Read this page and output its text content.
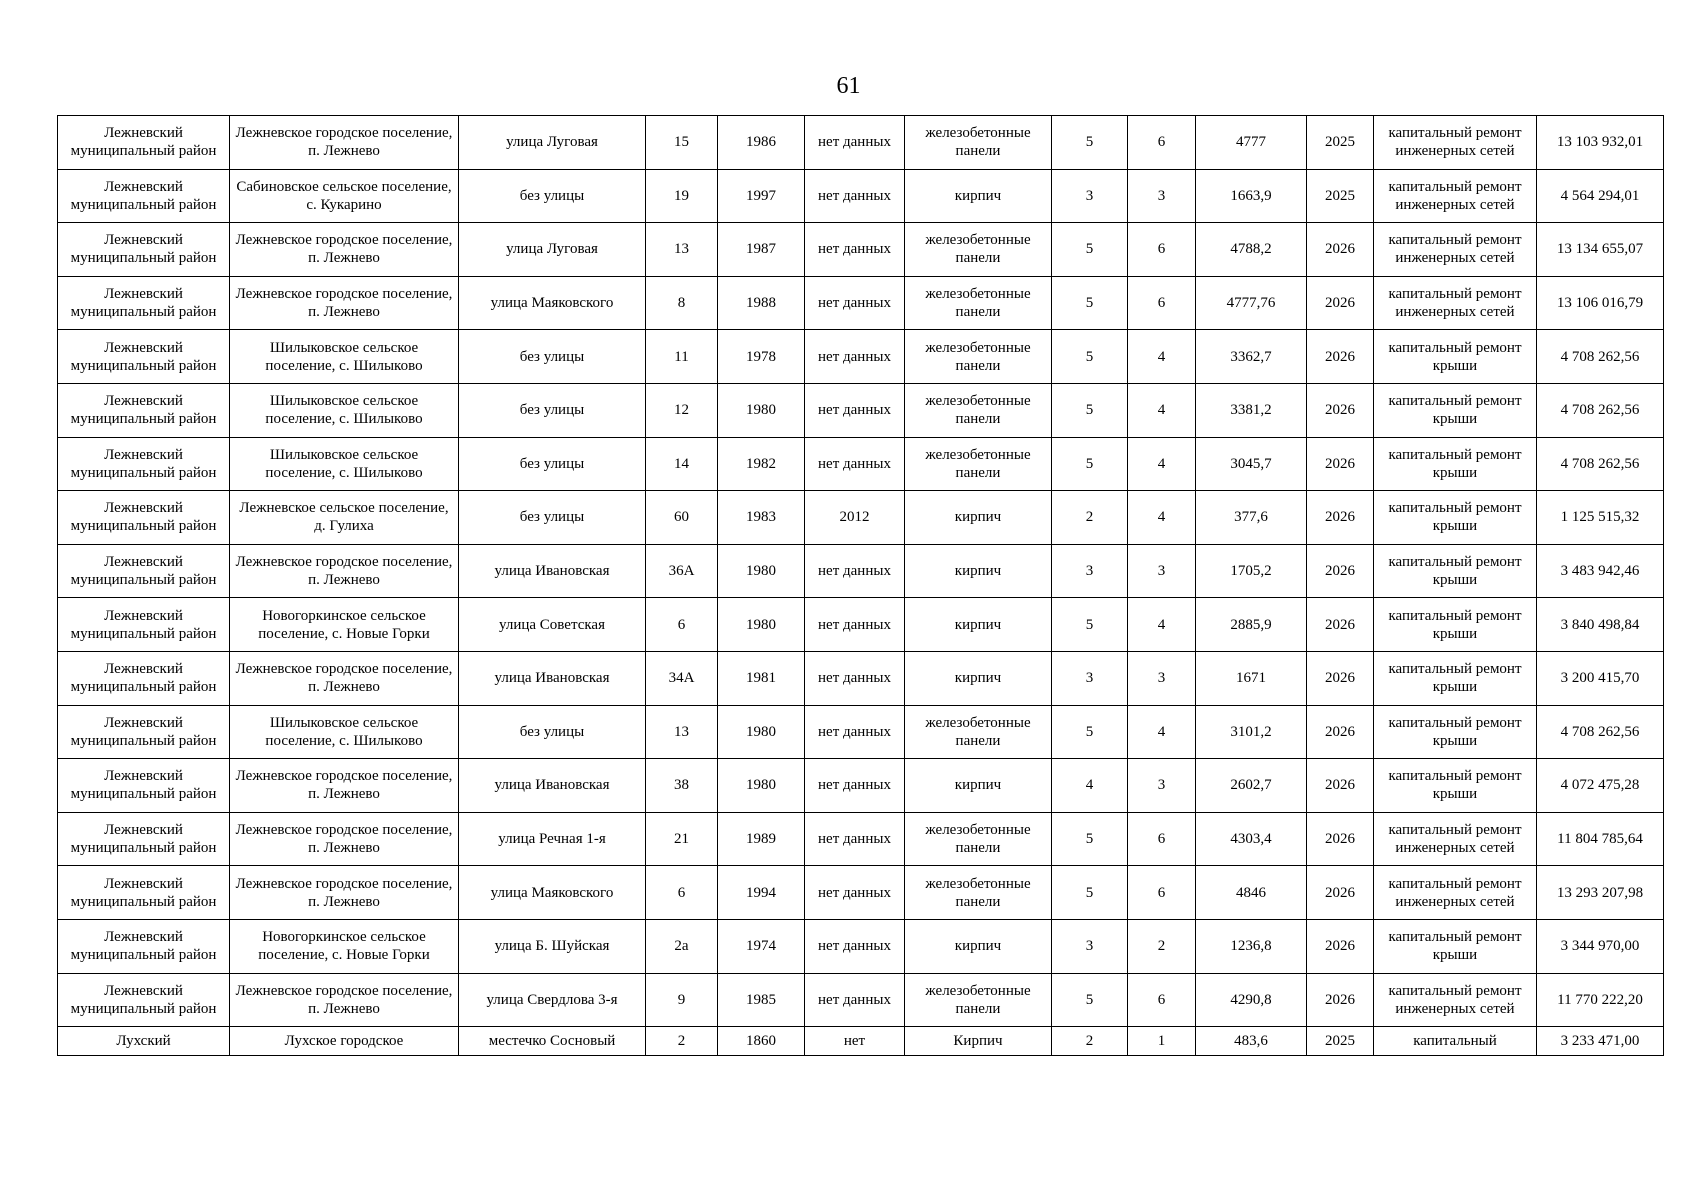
61
Лежневский муниципальный район	Лежневское городское поселение, п. Лежнево	улица Луговая	15	1986	нет данных	железобетонные панели	5	6	4777	2025	капитальный ремонт инженерных сетей	13 103 932,01
Лежневский муниципальный район	Сабиновское сельское поселение, с. Кукарино	без улицы	19	1997	нет данных	кирпич	3	3	1663,9	2025	капитальный ремонт инженерных сетей	4 564 294,01
Лежневский муниципальный район	Лежневское городское поселение, п. Лежнево	улица Луговая	13	1987	нет данных	железобетонные панели	5	6	4788,2	2026	капитальный ремонт инженерных сетей	13 134 655,07
Лежневский муниципальный район	Лежневское городское поселение, п. Лежнево	улица Маяковского	8	1988	нет данных	железобетонные панели	5	6	4777,76	2026	капитальный ремонт инженерных сетей	13 106 016,79
Лежневский муниципальный район	Шилыковское сельское поселение, с. Шилыково	без улицы	11	1978	нет данных	железобетонные панели	5	4	3362,7	2026	капитальный ремонт крыши	4 708 262,56
Лежневский муниципальный район	Шилыковское сельское поселение, с. Шилыково	без улицы	12	1980	нет данных	железобетонные панели	5	4	3381,2	2026	капитальный ремонт крыши	4 708 262,56
Лежневский муниципальный район	Шилыковское сельское поселение, с. Шилыково	без улицы	14	1982	нет данных	железобетонные панели	5	4	3045,7	2026	капитальный ремонт крыши	4 708 262,56
Лежневский муниципальный район	Лежневское сельское поселение, д. Гулиха	без улицы	60	1983	2012	кирпич	2	4	377,6	2026	капитальный ремонт крыши	1 125 515,32
Лежневский муниципальный район	Лежневское городское поселение, п. Лежнево	улица Ивановская	36А	1980	нет данных	кирпич	3	3	1705,2	2026	капитальный ремонт крыши	3 483 942,46
Лежневский муниципальный район	Новогоркинское сельское поселение, с. Новые Горки	улица Советская	6	1980	нет данных	кирпич	5	4	2885,9	2026	капитальный ремонт крыши	3 840 498,84
Лежневский муниципальный район	Лежневское городское поселение, п. Лежнево	улица Ивановская	34А	1981	нет данных	кирпич	3	3	1671	2026	капитальный ремонт крыши	3 200 415,70
Лежневский муниципальный район	Шилыковское сельское поселение, с. Шилыково	без улицы	13	1980	нет данных	железобетонные панели	5	4	3101,2	2026	капитальный ремонт крыши	4 708 262,56
Лежневский муниципальный район	Лежневское городское поселение, п. Лежнево	улица Ивановская	38	1980	нет данных	кирпич	4	3	2602,7	2026	капитальный ремонт крыши	4 072 475,28
Лежневский муниципальный район	Лежневское городское поселение, п. Лежнево	улица Речная 1-я	21	1989	нет данных	железобетонные панели	5	6	4303,4	2026	капитальный ремонт инженерных сетей	11 804 785,64
Лежневский муниципальный район	Лежневское городское поселение, п. Лежнево	улица Маяковского	6	1994	нет данных	железобетонные панели	5	6	4846	2026	капитальный ремонт инженерных сетей	13 293 207,98
Лежневский муниципальный район	Новогоркинское сельское поселение, с. Новые Горки	улица Б. Шуйская	2а	1974	нет данных	кирпич	3	2	1236,8	2026	капитальный ремонт крыши	3 344 970,00
Лежневский муниципальный район	Лежневское городское поселение, п. Лежнево	улица Свердлова 3-я	9	1985	нет данных	железобетонные панели	5	6	4290,8	2026	капитальный ремонт инженерных сетей	11 770 222,20
Лухский	Лухское городское	местечко Сосновый	2	1860	нет	Кирпич	2	1	483,6	2025	капитальный	3 233 471,00
